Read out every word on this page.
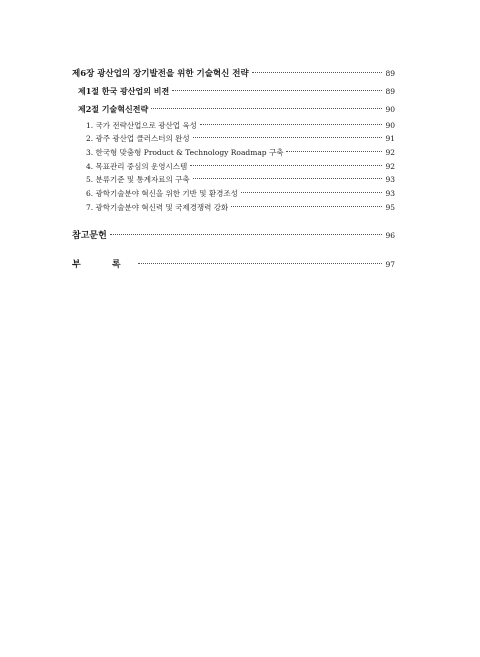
제6장 광산업의 장기발전을 위한 기술혁신 전략	89
제1절 한국 광산업의 비젼	89
제2절 기술혁신전략	90
1. 국가 전략산업으로 광산업 육성	90
2. 광주 광산업 클러스터의 완성	91
3. 한국형 맞춤형 Product & Technology Roadmap 구축	92
4. 목표관리 중심의 운영시스템	92
5. 분류기준 및 통계자료의 구축	93
6. 광학기술분야 혁신을 위한 기반 및 환경조성	93
7. 광학기술분야 혁신력 및 국제경쟁력 강화	95
참고문헌	96
부 록	97
